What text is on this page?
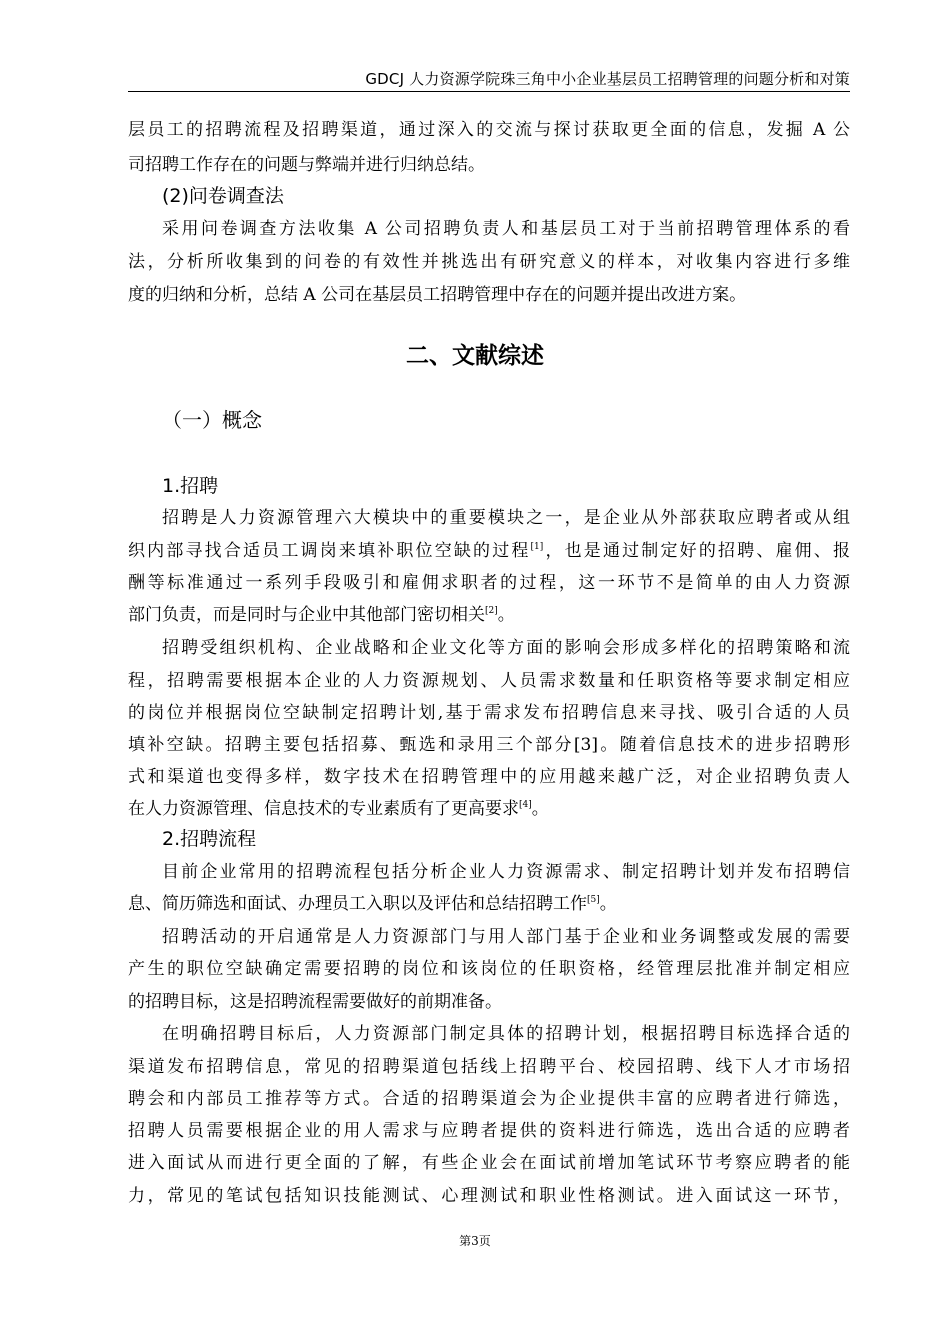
GDCJ 人力资源学院珠三角中小企业基层员工招聘管理的问题分析和对策
层员工的招聘流程及招聘渠道，通过深入的交流与探讨获取更全面的信息，发掘 A 公
司招聘工作存在的问题与弊端并进行归纳总结。
(2)问卷调查法
采用问卷调查方法收集 A 公司招聘负责人和基层员工对于当前招聘管理体系的看
法，分析所收集到的问卷的有效性并挑选出有研究意义的样本，对收集内容进行多维
度的归纳和分析，总结 A 公司在基层员工招聘管理中存在的问题并提出改进方案。
二、文献综述
（一）概念
1.招聘
招聘是人力资源管理六大模块中的重要模块之一，是企业从外部获取应聘者或从组
织内部寻找合适员工调岗来填补职位空缺的过程[1]，也是通过制定好的招聘、雇佣、报
酬等标准通过一系列手段吸引和雇佣求职者的过程，这一环节不是简单的由人力资源
部门负责，而是同时与企业中其他部门密切相关[2]。
招聘受组织机构、企业战略和企业文化等方面的影响会形成多样化的招聘策略和流
程，招聘需要根据本企业的人力资源规划、人员需求数量和任职资格等要求制定相应
的岗位并根据岗位空缺制定招聘计划,基于需求发布招聘信息来寻找、吸引合适的人员
填补空缺。招聘主要包括招募、甄选和录用三个部分[3]。随着信息技术的进步招聘形
式和渠道也变得多样，数字技术在招聘管理中的应用越来越广泛，对企业招聘负责人
在人力资源管理、信息技术的专业素质有了更高要求[4]。
2.招聘流程
目前企业常用的招聘流程包括分析企业人力资源需求、制定招聘计划并发布招聘信
息、简历筛选和面试、办理员工入职以及评估和总结招聘工作[5]。
招聘活动的开启通常是人力资源部门与用人部门基于企业和业务调整或发展的需要
产生的职位空缺确定需要招聘的岗位和该岗位的任职资格，经管理层批准并制定相应
的招聘目标，这是招聘流程需要做好的前期准备。
在明确招聘目标后，人力资源部门制定具体的招聘计划，根据招聘目标选择合适的
渠道发布招聘信息，常见的招聘渠道包括线上招聘平台、校园招聘、线下人才市场招
聘会和内部员工推荐等方式。合适的招聘渠道会为企业提供丰富的应聘者进行筛选，
招聘人员需要根据企业的用人需求与应聘者提供的资料进行筛选，选出合适的应聘者
进入面试从而进行更全面的了解，有些企业会在面试前增加笔试环节考察应聘者的能
力，常见的笔试包括知识技能测试、心理测试和职业性格测试。进入面试这一环节，
第3页
